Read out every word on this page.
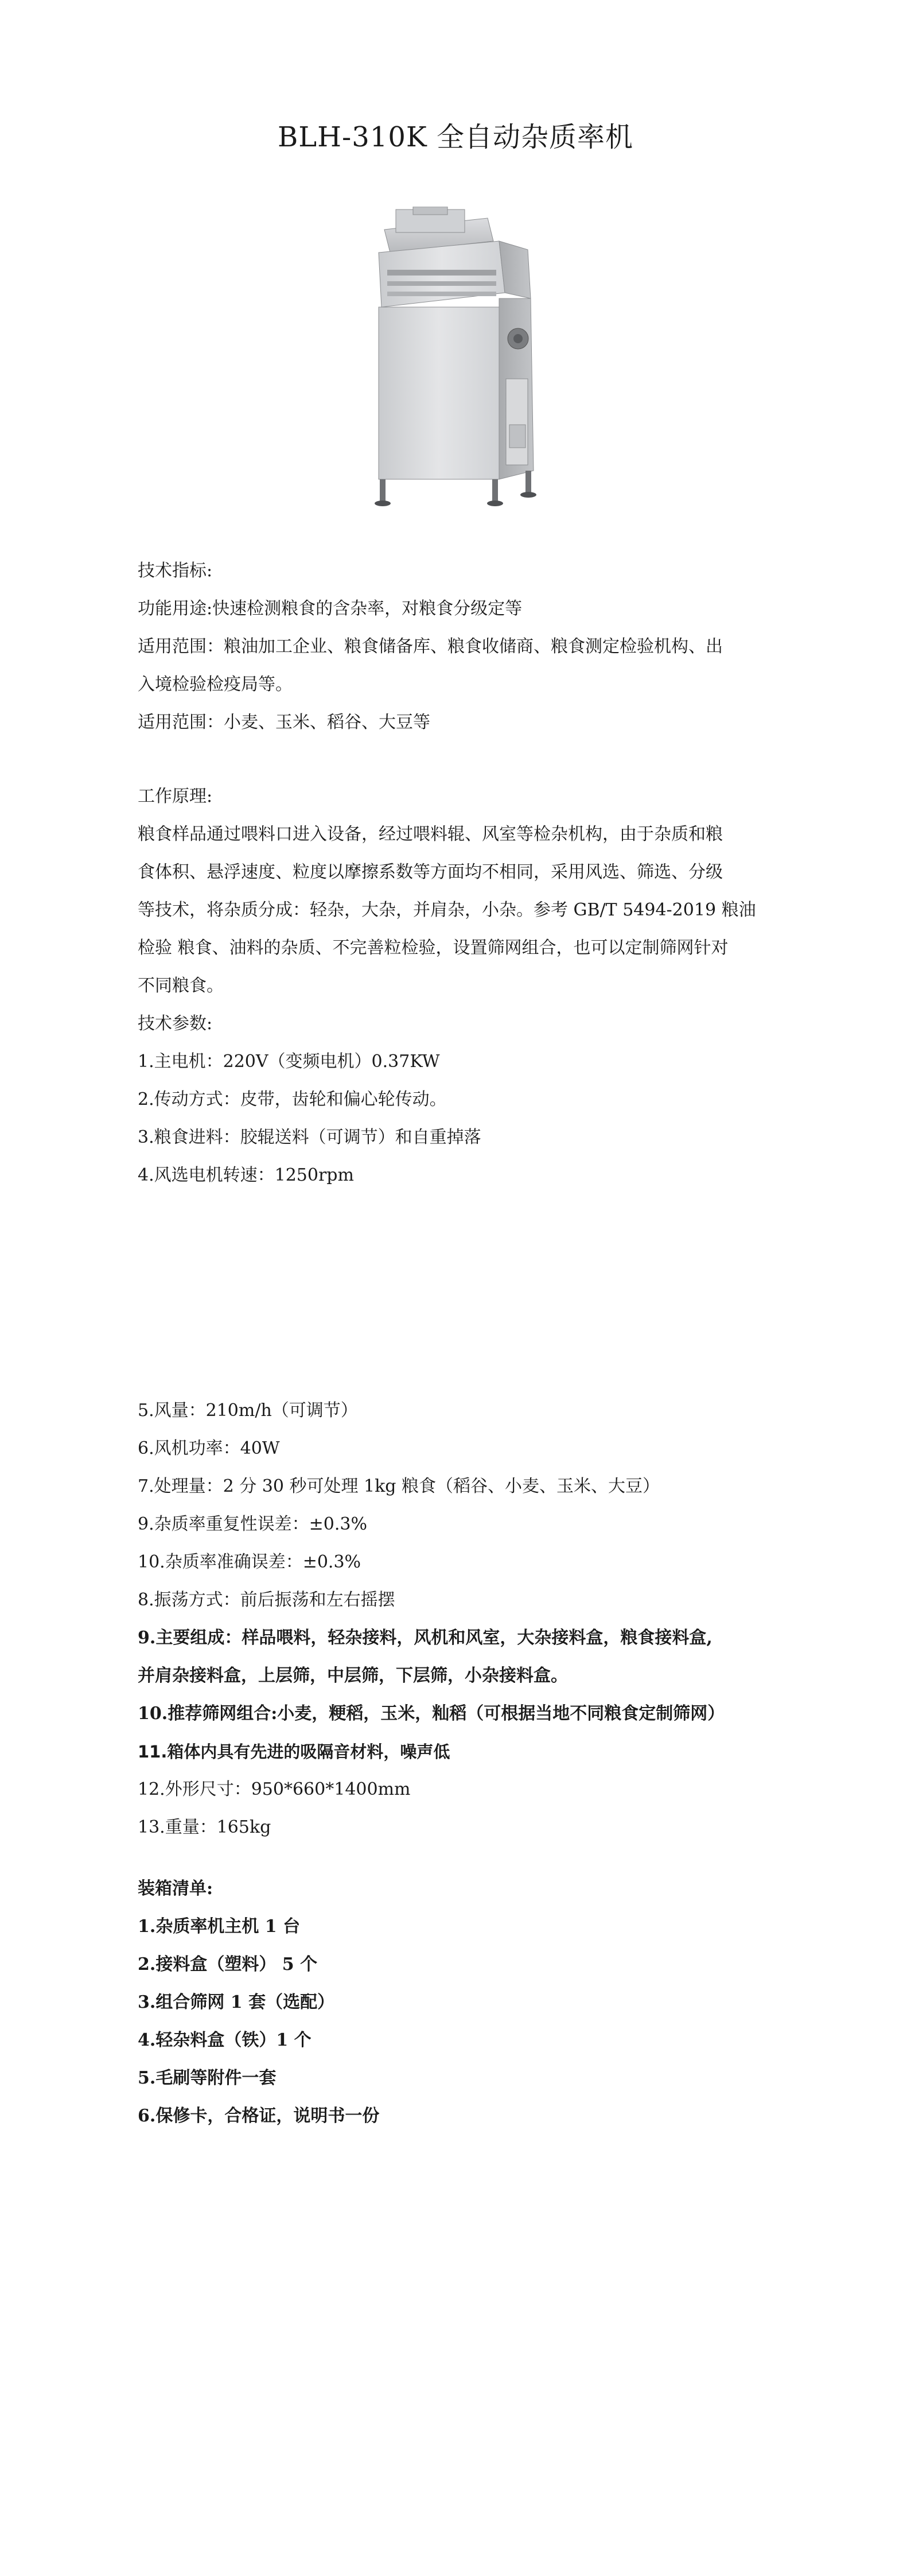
BLH-310K 全自动杂质率机

技术指标:

功能用途:快速检测粮食的含杂率，对粮食分级定等

适用范围：粮油加工企业、粮食储备库、粮食收储商、粮食测定检验机构、出

入境检验检疫局等。

适用范围：小麦、玉米、稻谷、大豆等

工作原理:

粮食样品通过喂料口进入设备，经过喂料辊、风室等检杂机构，由于杂质和粮

食体积、悬浮速度、粒度以摩擦系数等方面均不相同，采用风选、筛选、分级

等技术，将杂质分成：轻杂，大杂，并肩杂，小杂。参考 GB/T 5494-2019 粮油

检验 粮食、油料的杂质、不完善粒检验，设置筛网组合，也可以定制筛网针对

不同粮食。

技术参数:

1.主电机：220V（变频电机）0.37KW

2.传动方式：皮带，齿轮和偏心轮传动。

3.粮食进料：胶辊送料（可调节）和自重掉落

4.风选电机转速：1250rpm

5.风量：210m/h（可调节）

6.风机功率：40W

7.处理量：2 分 30 秒可处理 1kg 粮食（稻谷、小麦、玉米、大豆）

9.杂质率重复性误差：±0.3%

10.杂质率准确误差：±0.3%

8.振荡方式：前后振荡和左右摇摆

9.主要组成：样品喂料，轻杂接料，风机和风室，大杂接料盒，粮食接料盒,

并肩杂接料盒，上层筛，中层筛，下层筛，小杂接料盒。

10.推荐筛网组合:小麦，粳稻，玉米，籼稻（可根据当地不同粮食定制筛网）

11.箱体内具有先进的吸隔音材料，噪声低

12.外形尺寸：950*660*1400mm

13.重量：165kg

装箱清单:

1.杂质率机主机 1 台

2.接料盒（塑料） 5 个

3.组合筛网 1 套（选配）

4.轻杂料盒（铁）1 个

5.毛刷等附件一套

6.保修卡，合格证，说明书一份
